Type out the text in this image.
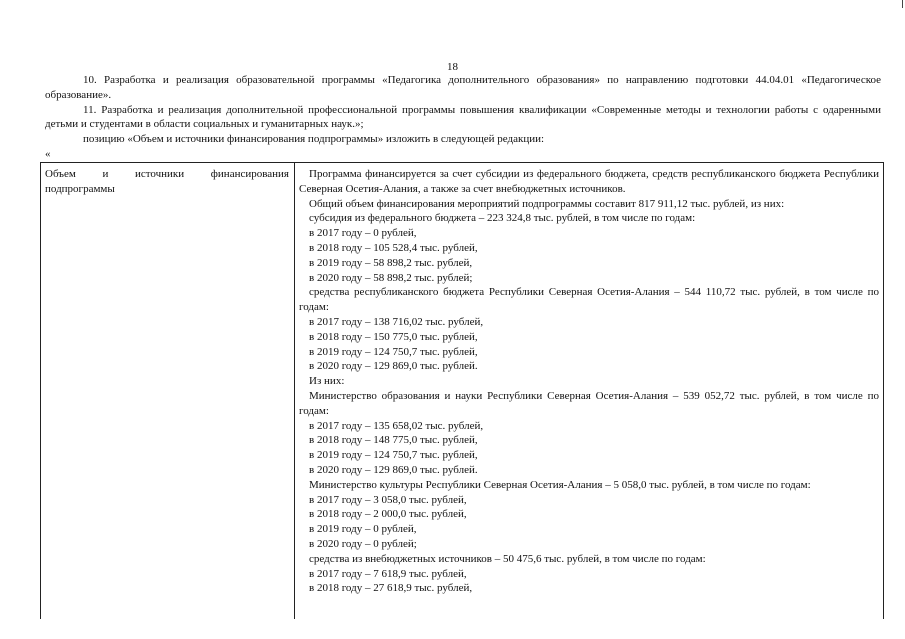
18

10. Разработка и реализация образовательной программы «Педагогика дополнительного образования» по направлению подготовки 44.04.01 «Педагогическое образование».

11. Разработка и реализация дополнительной профессиональной программы повышения квалификации «Современные методы и технологии работы с одаренными детьми и студентами в области социальных и гуманитарных наук.»;

позицию «Объем и источники финансирования подпрограммы» изложить в следующей редакции:

«

Объем и источники финансирования
подпрограммы

Программа финансируется за счет субсидии из федерального бюджета, средств республиканского бюджета Республики Северная Осетия-Алания, а также за счет внебюджетных источников.

Общий объем финансирования мероприятий подпрограммы составит 817 911,12 тыс. рублей, из них:

субсидия из федерального бюджета – 223 324,8 тыс. рублей, в том числе по годам:

в 2017 году – 0 рублей,

в 2018 году – 105 528,4 тыс. рублей,

в 2019 году – 58 898,2 тыс. рублей,

в 2020 году – 58 898,2 тыс. рублей;

средства республиканского бюджета Республики Северная Осетия-Алания – 544 110,72 тыс. рублей, в том числе по годам:

в 2017 году – 138 716,02 тыс. рублей,

в 2018 году – 150 775,0 тыс. рублей,

в 2019 году – 124 750,7 тыс. рублей,

в 2020 году – 129 869,0 тыс. рублей.

Из них:

Министерство образования и науки Республики Северная Осетия-Алания – 539 052,72 тыс. рублей, в том числе по годам:

в 2017 году – 135 658,02 тыс. рублей,

в 2018 году – 148 775,0 тыс. рублей,

в 2019 году – 124 750,7 тыс. рублей,

в 2020 году – 129 869,0 тыс. рублей.

Министерство культуры Республики Северная Осетия-Алания – 5 058,0 тыс. рублей, в том числе по годам:

в 2017 году – 3 058,0 тыс. рублей,

в 2018 году – 2 000,0 тыс. рублей,

в 2019 году – 0 рублей,

в 2020 году – 0 рублей;

средства из внебюджетных источников – 50 475,6 тыс. рублей, в том числе по годам:

в 2017 году – 7 618,9 тыс. рублей,

в 2018 году – 27 618,9 тыс. рублей,
